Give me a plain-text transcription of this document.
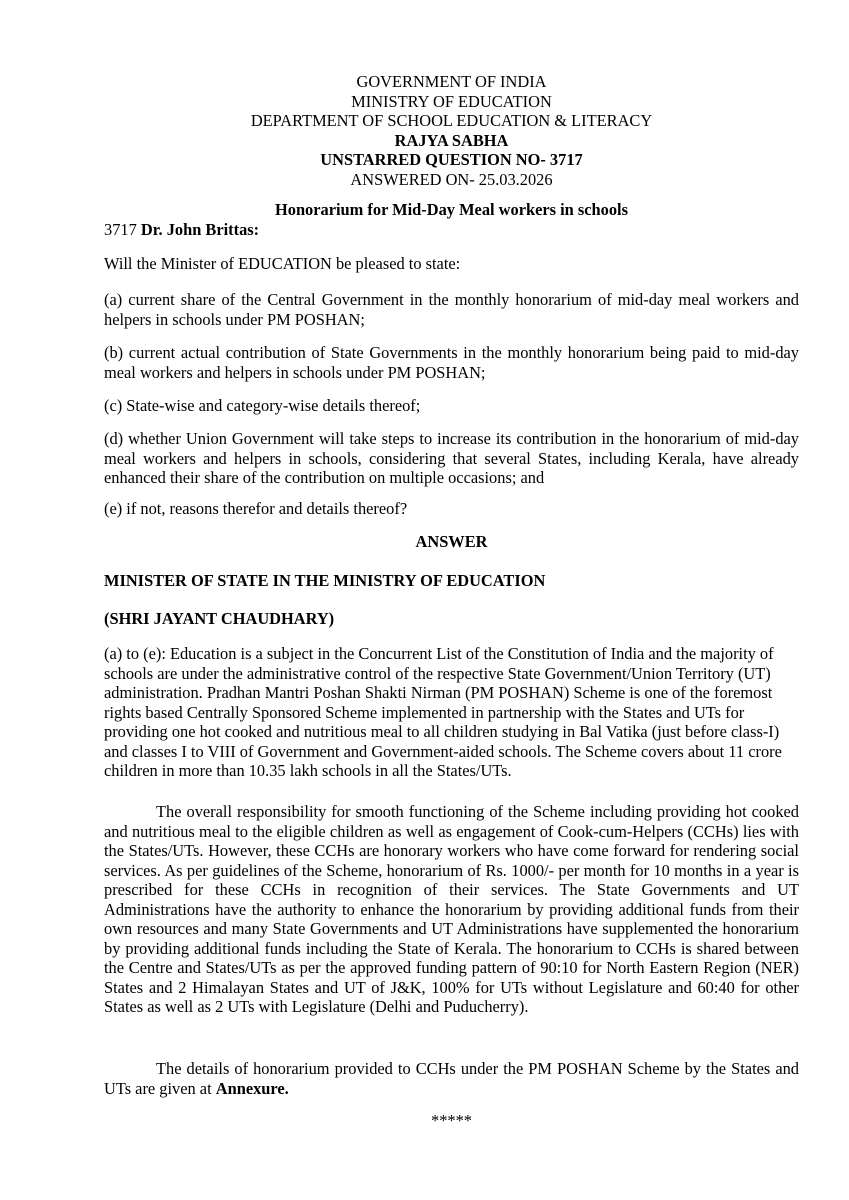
GOVERNMENT OF INDIA
MINISTRY OF EDUCATION
DEPARTMENT OF SCHOOL EDUCATION & LITERACY
RAJYA SABHA
UNSTARRED QUESTION NO- 3717
ANSWERED ON- 25.03.2026
Honorarium for Mid-Day Meal workers in schools
3717 Dr. John Brittas:
Will the Minister of EDUCATION be pleased to state:
(a) current share of the Central Government in the monthly honorarium of mid-day meal workers and helpers in schools under PM POSHAN;
(b) current actual contribution of State Governments in the monthly honorarium being paid to mid-day meal workers and helpers in schools under PM POSHAN;
(c) State-wise and category-wise details thereof;
(d) whether Union Government will take steps to increase its contribution in the honorarium of mid-day meal workers and helpers in schools, considering that several States, including Kerala, have already enhanced their share of the contribution on multiple occasions; and
(e) if not, reasons therefor and details thereof?
ANSWER
MINISTER OF STATE IN THE MINISTRY OF EDUCATION
(SHRI JAYANT CHAUDHARY)
(a) to (e): Education is a subject in the Concurrent List of the Constitution of India and the majority of schools are under the administrative control of the respective State Government/Union Territory (UT) administration. Pradhan Mantri Poshan Shakti Nirman (PM POSHAN) Scheme is one of the foremost rights based Centrally Sponsored Scheme implemented in partnership with the States and UTs for providing one hot cooked and nutritious meal to all children studying in Bal Vatika (just before class-I) and classes I to VIII of Government and Government-aided schools. The Scheme covers about 11 crore children in more than 10.35 lakh schools in all the States/UTs.
The overall responsibility for smooth functioning of the Scheme including providing hot cooked and nutritious meal to the eligible children as well as engagement of Cook-cum-Helpers (CCHs) lies with the States/UTs. However, these CCHs are honorary workers who have come forward for rendering social services. As per guidelines of the Scheme, honorarium of Rs. 1000/- per month for 10 months in a year is prescribed for these CCHs in recognition of their services. The State Governments and UT Administrations have the authority to enhance the honorarium by providing additional funds from their own resources and many State Governments and UT Administrations have supplemented the honorarium by providing additional funds including the State of Kerala. The honorarium to CCHs is shared between the Centre and States/UTs as per the approved funding pattern of 90:10 for North Eastern Region (NER) States and 2 Himalayan States and UT of J&K, 100% for UTs without Legislature and 60:40 for other States as well as 2 UTs with Legislature (Delhi and Puducherry).
The details of honorarium provided to CCHs under the PM POSHAN Scheme by the States and UTs are given at Annexure.
*****
